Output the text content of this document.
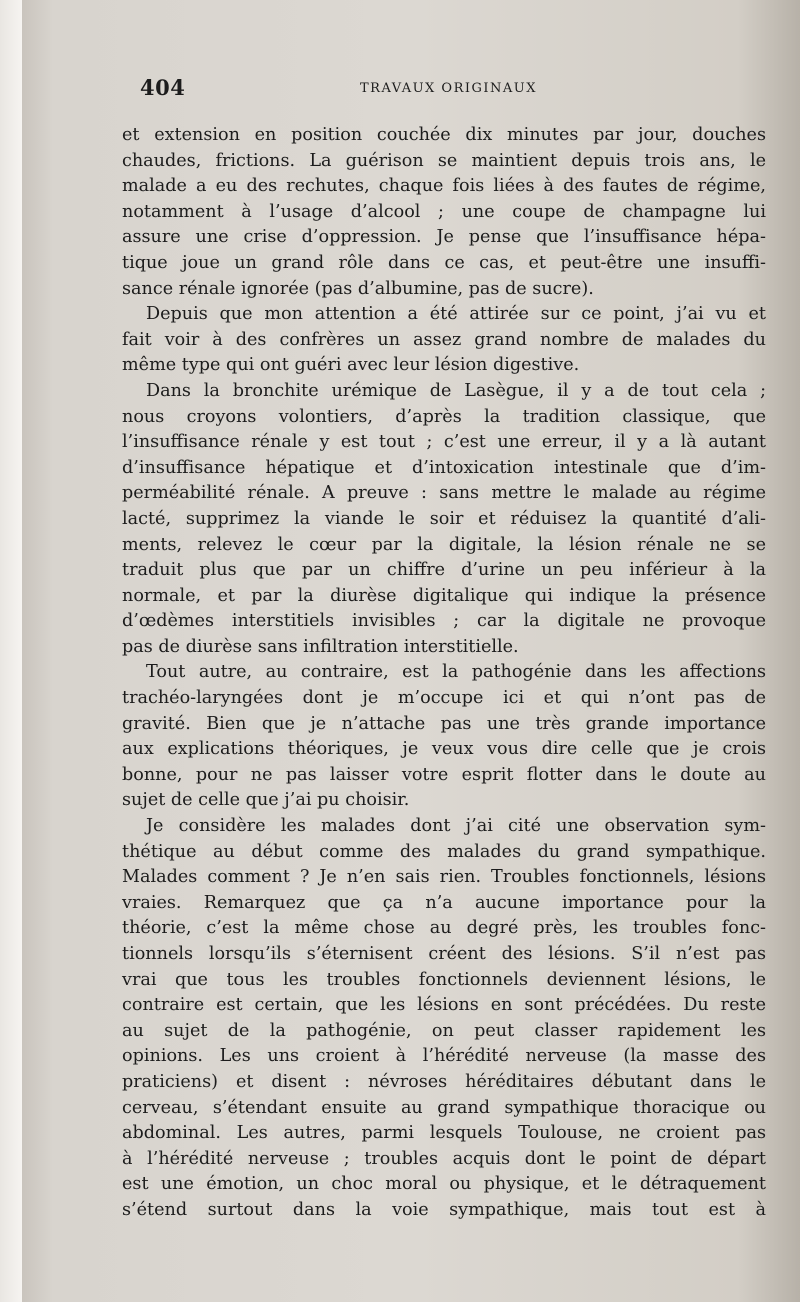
404	TRAVAUX ORIGINAUX
et extension en position couchée dix minutes par jour, douches
chaudes, frictions. La guérison se maintient depuis trois ans, le
malade a eu des rechutes, chaque fois liées à des fautes de régime,
notamment à l’usage d’alcool ; une coupe de champagne lui
assure une crise d’oppression. Je pense que l’insuffisance hépa-
tique joue un grand rôle dans ce cas, et peut-être une insuffi-
sance rénale ignorée (pas d’albumine, pas de sucre).
Depuis que mon attention a été attirée sur ce point, j’ai vu et
fait voir à des confrères un assez grand nombre de malades du
même type qui ont guéri avec leur lésion digestive.
Dans la bronchite urémique de Lasègue, il y a de tout cela ;
nous croyons volontiers, d’après la tradition classique, que
l’insuffisance rénale y est tout ; c’est une erreur, il y a là autant
d’insuffisance hépatique et d’intoxication intestinale que d’im-
perméabilité rénale. A preuve : sans mettre le malade au régime
lacté, supprimez la viande le soir et réduisez la quantité d’ali-
ments, relevez le cœur par la digitale, la lésion rénale ne se
traduit plus que par un chiffre d’urine un peu inférieur à la
normale, et par la diurèse digitalique qui indique la présence
d’œdèmes interstitiels invisibles ; car la digitale ne provoque
pas de diurèse sans infiltration interstitielle.
Tout autre, au contraire, est la pathogénie dans les affections
trachéo-laryngées dont je m’occupe ici et qui n’ont pas de
gravité. Bien que je n’attache pas une très grande importance
aux explications théoriques, je veux vous dire celle que je crois
bonne, pour ne pas laisser votre esprit flotter dans le doute au
sujet de celle que j’ai pu choisir.
Je considère les malades dont j’ai cité une observation sym-
thétique au début comme des malades du grand sympathique.
Malades comment ? Je n’en sais rien. Troubles fonctionnels, lésions
vraies. Remarquez que ça n’a aucune importance pour la
théorie, c’est la même chose au degré près, les troubles fonc-
tionnels lorsqu’ils s’éternisent créent des lésions. S’il n’est pas
vrai que tous les troubles fonctionnels deviennent lésions, le
contraire est certain, que les lésions en sont précédées. Du reste
au sujet de la pathogénie, on peut classer rapidement les
opinions. Les uns croient à l’hérédité nerveuse (la masse des
praticiens) et disent : névroses héréditaires débutant dans le
cerveau, s’étendant ensuite au grand sympathique thoracique ou
abdominal. Les autres, parmi lesquels Toulouse, ne croient pas
à l’hérédité nerveuse ; troubles acquis dont le point de départ
est une émotion, un choc moral ou physique, et le détraquement
s’étend surtout dans la voie sympathique, mais tout est à
